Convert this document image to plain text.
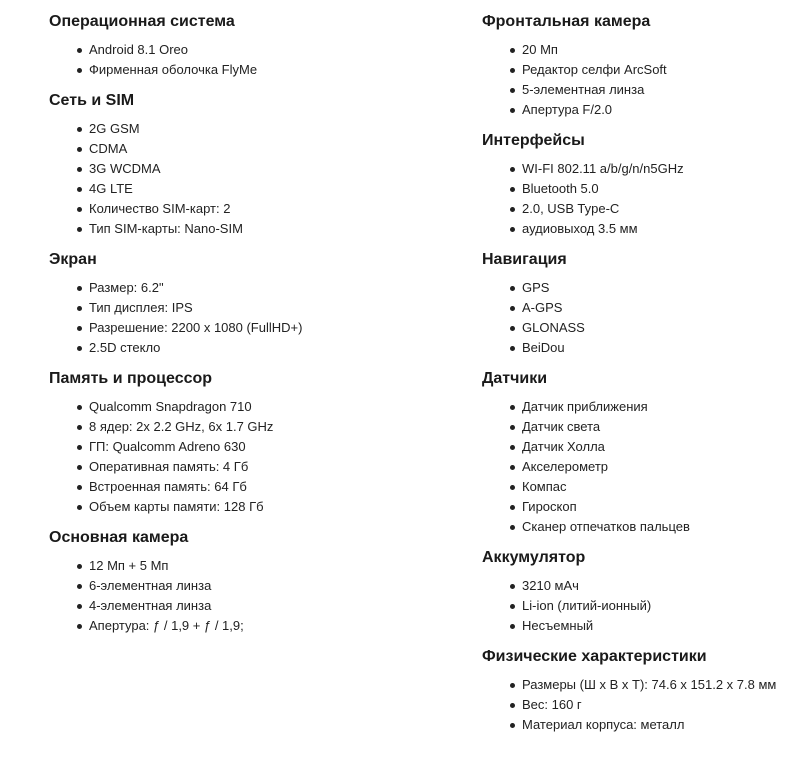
Операционная система
Android 8.1 Oreo
Фирменная оболочка FlyMe
Сеть и SIM
2G GSM
CDMA
3G WCDMA
4G LTE
Количество SIM-карт: 2
Тип SIM-карты: Nano-SIM
Экран
Размер: 6.2"
Тип дисплея: IPS
Разрешение: 2200 x 1080 (FullHD+)
2.5D стекло
Память и процессор
Qualcomm Snapdragon 710
8 ядер: 2x 2.2 GHz, 6x 1.7 GHz
ГП: Qualcomm Adreno 630
Оперативная память: 4 Гб
Встроенная память: 64 Гб
Объем карты памяти: 128 Гб
Основная камера
12 Мп + 5 Мп
6-элементная линза
4-элементная линза
Апертура: ƒ / 1,9 + ƒ / 1,9;
Фронтальная камера
20 Мп
Редактор селфи ArcSoft
5-элементная линза
Апертура F/2.0
Интерфейсы
WI-FI 802.11 a/b/g/n/n5GHz
Bluetooth 5.0
2.0, USB Type-C
аудиовыход 3.5 мм
Навигация
GPS
A-GPS
GLONASS
BeiDou
Датчики
Датчик приближения
Датчик света
Датчик Холла
Акселерометр
Компас
Гироскоп
Сканер отпечатков пальцев
Аккумулятор
3210 мАч
Li-ion (литий-ионный)
Несъемный
Физические характеристики
Размеры (Ш x В x Т): 74.6 x 151.2 x 7.8 мм
Вес: 160 г
Материал корпуса: металл
